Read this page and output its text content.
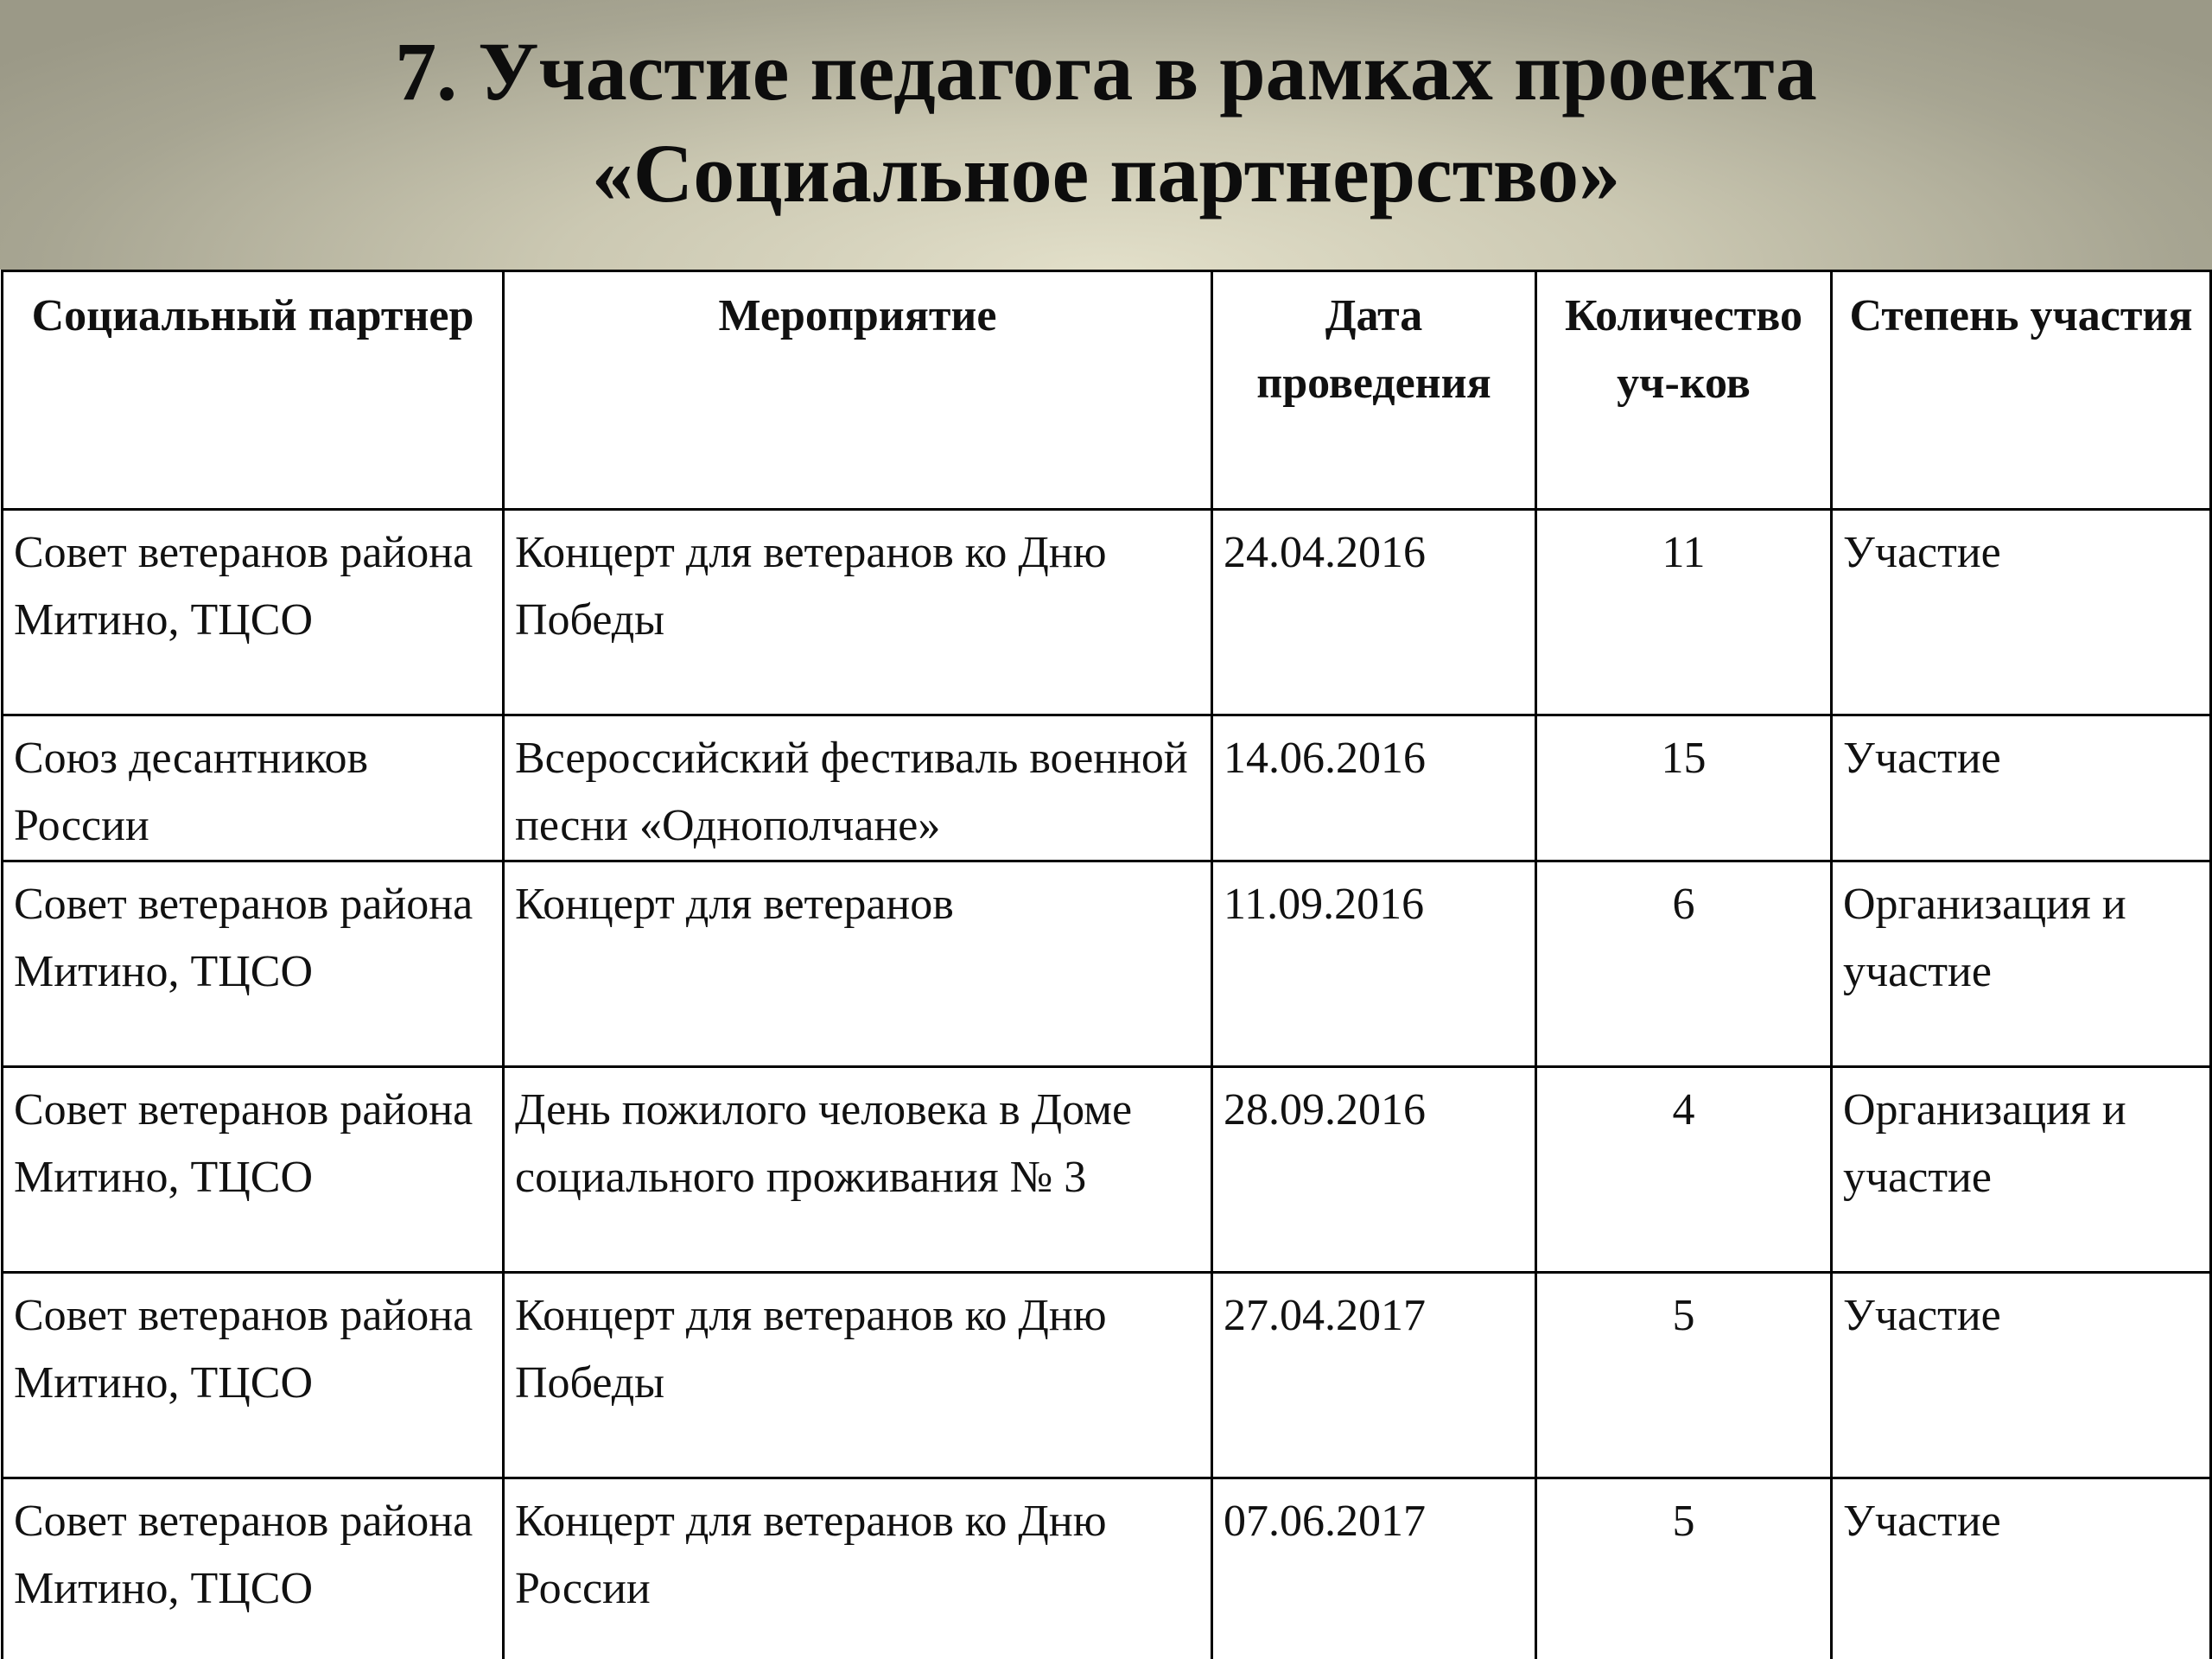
7. Участие педагога в рамках проекта
«Социальное партнерство»
Социальный партнер	Мероприятие	Дата проведения	Количество уч-ков	Степень участия
Совет ветеранов района Митино, ТЦСО	Концерт для ветеранов ко Дню Победы	24.04.2016	11	Участие
Союз десантников России	Всероссийский фестиваль военной песни «Однополчане»	14.06.2016	15	Участие
Совет ветеранов района Митино, ТЦСО	Концерт для ветеранов	11.09.2016	6	Организация и участие
Совет ветеранов района Митино, ТЦСО	День пожилого человека в Доме социального проживания № 3	28.09.2016	4	Организация и участие
Совет ветеранов района Митино, ТЦСО	Концерт для ветеранов ко Дню Победы	27.04.2017	5	Участие
Совет ветеранов района Митино, ТЦСО	Концерт для ветеранов ко Дню России	07.06.2017	5	Участие
